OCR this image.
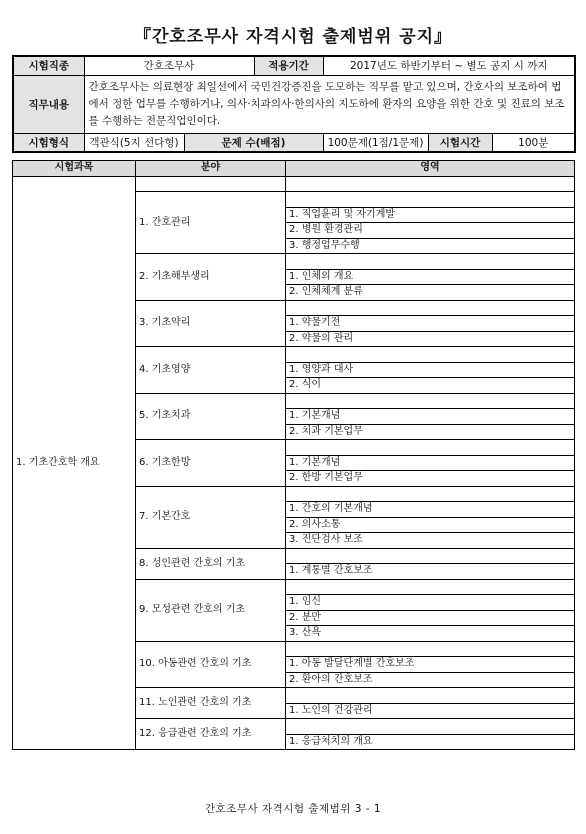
『간호조무사 자격시험 출제범위 공지』
시험직종	간호조무사		적용기간	2017년도 하반기부터 ~ 별도 공지 시 까지		
직무내용	간호조무사는 의료현장 최일선에서 국민건강증진을 도모하는 직무를 맡고 있으며, 간호사의 보조하여 법에서 정한 업무를 수행하거나, 의사·치과의사·한의사의 지도하에 환자의 요양을 위한 간호 및 진료의 보조를 수행하는 전문직업인이다.					
시험형식	객관식(5지 선다형)	문제 수(배점)		100문제(1점/1문제)	시험시간	100분
시험과목	분야	영역
1. 기초간호학 개요		
	1. 간호관리	
		1. 직업윤리 및 자기계발
		2. 병원 환경관리
		3. 행정업무수행
	2. 기초해부생리	
		1. 인체의 개요
		2. 인체체계 분류
	3. 기초약리	
		1. 약물기전
		2. 약물의 관리
	4. 기초영양	
		1. 영양과 대사
		2. 식이
	5. 기초치과	
		1. 기본개념
		2. 치과 기본업무
	6. 기초한방	
		1. 기본개념
		2. 한방 기본업무
	7. 기본간호	
		1. 간호의 기본개념
		2. 의사소통
		3. 진단검사 보조
	8. 성인관련 간호의 기초	
		1. 계통별 간호보조
	9. 모성관련 간호의 기초	
		1. 임신
		2. 분만
		3. 산욕
	10. 아동관련 간호의 기초	
		1. 아동 발달단계별 간호보조
		2. 환아의 간호보조
	11. 노인관련 간호의 기초	
		1. 노인의 건강관리
	12. 응급관련 간호의 기초	
		1. 응급처치의 개요
간호조무사 자격시험 출제범위 3 - 1
